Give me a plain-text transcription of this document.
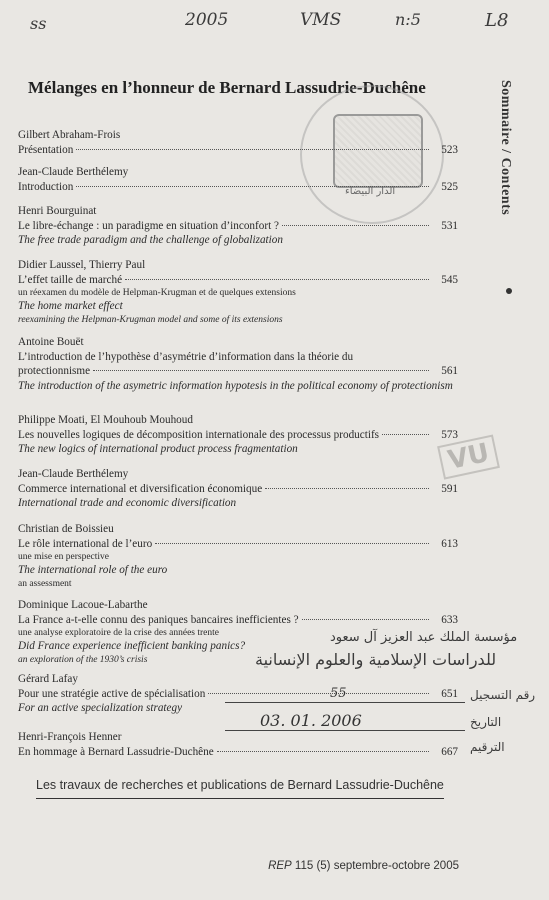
ss	2005	VMS	n:5	L8
Mélanges en l’honneur de Bernard Lassudrie-Duchêne	Sommaire / Contents
الدار البيضاء
Gilbert Abraham-Frois
Présentation	523
Jean-Claude Berthélemy
Introduction	525
Henri Bourguinat
Le libre-échange : un paradigme en situation d’inconfort ?	531
The free trade paradigm and the challenge of globalization
Didier Laussel, Thierry Paul
L’effet taille de marché	545
un réexamen du modèle de Helpman-Krugman et de quelques extensions
The home market effect
reexamining the Helpman-Krugman model and some of its extensions
Antoine Bouët
L’introduction de l’hypothèse d’asymétrie d’information dans la théorie du
protectionnisme	561
The introduction of the asymetric information hypotesis in the political economy of protectionism
Philippe Moati, El Mouhoub Mouhoud
Les nouvelles logiques de décomposition internationale des processus productifs	573
The new logics of international product process fragmentation
Jean-Claude Berthélemy
Commerce international et diversification économique	591
International trade and economic diversification
Christian de Boissieu
Le rôle international de l’euro	613
une mise en perspective
The international role of the euro
an assessment
Dominique Lacoue-Labarthe
La France a-t-elle connu des paniques bancaires inefficientes ?	633
une analyse exploratoire de la crise des années trente
Did France experience inefficient banking panics?
an exploration of the 1930’s crisis
Gérard Lafay
Pour une stratégie active de spécialisation	651
For an active specialization strategy
Henri-François Henner
En hommage à Bernard Lassudrie-Duchêne	667
VU
مؤسسة الملك عبد العزيز آل سعود
للدراسات الإسلامية والعلوم الإنسانية
رقم التسجيل
55
التاريخ
03. 01. 2006
الترقيم
Les travaux de recherches et publications de Bernard Lassudrie-Duchêne
REP 115 (5) septembre-octobre 2005
